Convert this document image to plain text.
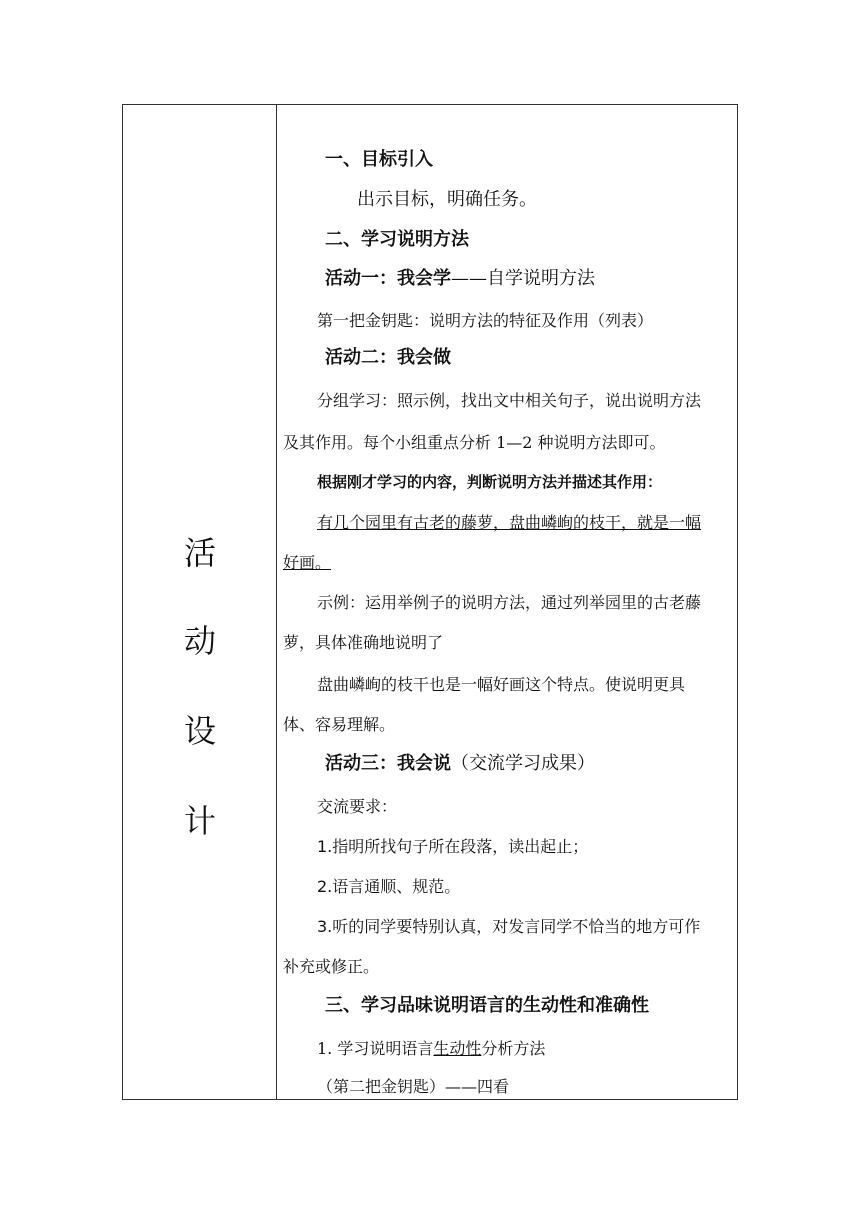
活
动
设
计
一、目标引入
出示目标，明确任务。
二、学习说明方法
活动一：我会学——自学说明方法
第一把金钥匙：说明方法的特征及作用（列表）
活动二：我会做
分组学习：照示例，找出文中相关句子，说出说明方法
及其作用。每个小组重点分析 1—2 种说明方法即可。
根据刚才学习的内容，判断说明方法并描述其作用：
有几个园里有古老的藤萝，盘曲嶙峋的枝干，就是一幅
好画。
示例：运用举例子的说明方法，通过列举园里的古老藤
萝，具体准确地说明了
盘曲嶙峋的枝干也是一幅好画这个特点。使说明更具
体、容易理解。
活动三：我会说（交流学习成果）
交流要求：
1.指明所找句子所在段落，读出起止；
2.语言通顺、规范。
3.听的同学要特别认真，对发言同学不恰当的地方可作
补充或修正。
三、学习品味说明语言的生动性和准确性
1. 学习说明语言生动性分析方法
（第二把金钥匙）——四看
